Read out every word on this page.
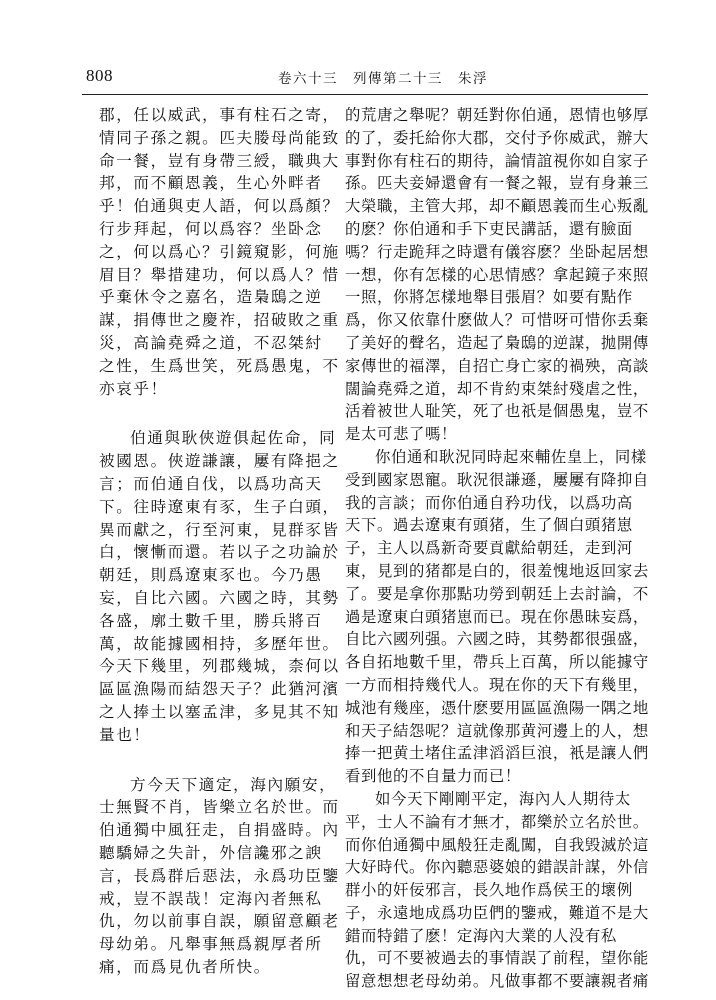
808	卷六十三　列傳第二十三　朱浮

郡，任以威武，事有柱石之寄，

情同子孫之親。匹夫媵母尚能致

命一餐，豈有身帶三綬，職典大

邦，而不顧恩義，生心外畔者

乎！伯通與吏人語，何以爲顏？

行步拜起，何以爲容？坐卧念

之，何以爲心？引鏡窺影，何施

眉目？舉措建功，何以爲人？惜

乎棄休令之嘉名，造梟鴟之逆

謀，捐傳世之慶祚，招破敗之重

災，高論堯舜之道，不忍桀紂

之性，生爲世笑，死爲愚鬼，不

亦哀乎！

伯通與耿俠遊俱起佐命，同

被國恩。俠遊謙讓，屢有降挹之

言；而伯通自伐，以爲功高天

下。往時遼東有豕，生子白頭，

異而獻之，行至河東，見群豕皆

白，懷慚而還。若以子之功論於

朝廷，則爲遼東豕也。今乃愚

妄，自比六國。六國之時，其勢

各盛，廓土數千里，勝兵將百

萬，故能據國相持，多歷年世。

今天下幾里，列郡幾城，柰何以

區區漁陽而結怨天子？此猶河濱

之人捧土以塞孟津，多見其不知

量也！

方今天下適定，海內願安，

士無賢不肖，皆樂立名於世。而

伯通獨中風狂走，自捐盛時。內

聽驕婦之失計，外信讒邪之諛

言，長爲群后惡法，永爲功臣鑒

戒，豈不誤哉！定海內者無私

仇，勿以前事自誤，願留意顧老

母幼弟。凡舉事無爲親厚者所

痛，而爲見仇者所快。

的荒唐之舉呢？朝廷對你伯通，恩情也够厚

的了，委托給你大郡，交付予你威武，辦大

事對你有柱石的期待，論情誼視你如自家子

孫。匹夫妾婦還會有一餐之報，豈有身兼三

大榮職，主管大邦，却不顧恩義而生心叛亂

的麽？你伯通和手下吏民講話，還有臉面

嗎？行走跪拜之時還有儀容麽？坐卧起居想

一想，你有怎樣的心思情感？拿起鏡子來照

一照，你將怎樣地舉目張眉？如要有點作

爲，你又依靠什麽做人？可惜呀可惜你丢棄

了美好的聲名，造起了梟鴟的逆謀，拋開傳

家傳世的福澤，自招亡身亡家的禍殃，高談

闊論堯舜之道，却不肯約束桀紂殘虐之性，

活着被世人耻笑，死了也祇是個愚鬼，豈不

是太可悲了嗎！

你伯通和耿況同時起來輔佐皇上，同樣

受到國家恩寵。耿況很謙遜，屢屢有降抑自

我的言談；而你伯通自矜功伐，以爲功高

天下。過去遼東有頭猪，生了個白頭猪崽

子，主人以爲新奇要貢獻給朝廷，走到河

東，見到的猪都是白的，很羞愧地返回家去

了。要是拿你那點功勞到朝廷上去討論，不

過是遼東白頭猪崽而已。現在你愚昧妄爲，

自比六國列强。六國之時，其勢都很强盛，

各自拓地數千里，帶兵上百萬，所以能據守

一方而相持幾代人。現在你的天下有幾里，

城池有幾座，憑什麽要用區區漁陽一隅之地

和天子結怨呢？這就像那黄河邊上的人，想

捧一把黄土堵住孟津滔滔巨浪，衹是讓人們

看到他的不自量力而已！

如今天下剛剛平定，海內人人期待太

平，士人不論有才無才，都樂於立名於世。

而你伯通獨中風般狂走亂闖，自我毁滅於這

大好時代。你內聽惡婆娘的錯誤計謀，外信

群小的奸佞邪言，長久地作爲侯王的壞例

子，永遠地成爲功臣們的鑒戒，難道不是大

錯而特錯了麽！定海內大業的人没有私

仇，可不要被過去的事情誤了前程，望你能

留意想想老母幼弟。凡做事都不要讓親者痛
